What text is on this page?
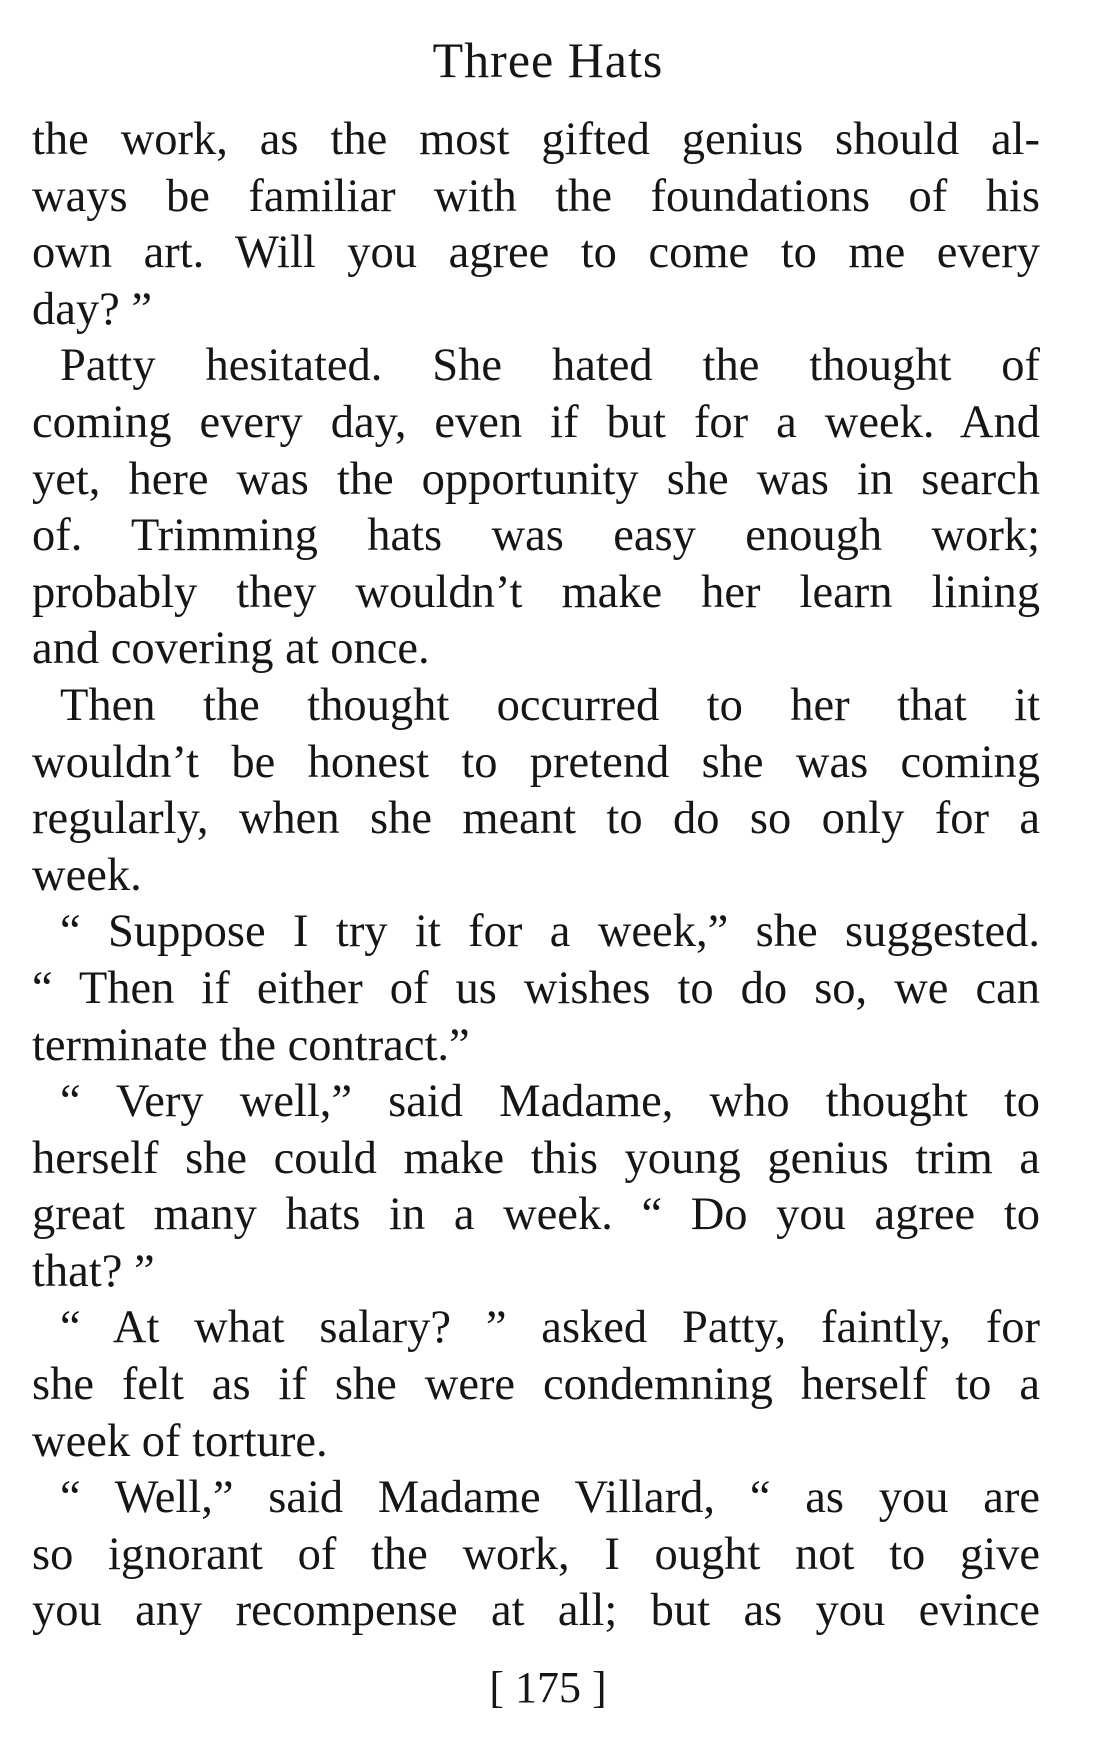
Three Hats
the work, as the most gifted genius should al-
ways be familiar with the foundations of his
own art. Will you agree to come to me every
day? ”
Patty hesitated. She hated the thought of
coming every day, even if but for a week. And
yet, here was the opportunity she was in search
of. Trimming hats was easy enough work;
probably they wouldn’t make her learn lining
and covering at once.
Then the thought occurred to her that it
wouldn’t be honest to pretend she was coming
regularly, when she meant to do so only for a
week.
“ Suppose I try it for a week,” she suggested.
“ Then if either of us wishes to do so, we can
terminate the contract.”
“ Very well,” said Madame, who thought to
herself she could make this young genius trim a
great many hats in a week. “ Do you agree to
that? ”
“ At what salary? ” asked Patty, faintly, for
she felt as if she were condemning herself to a
week of torture.
“ Well,” said Madame Villard, “ as you are
so ignorant of the work, I ought not to give
you any recompense at all; but as you evince
[ 175 ]
